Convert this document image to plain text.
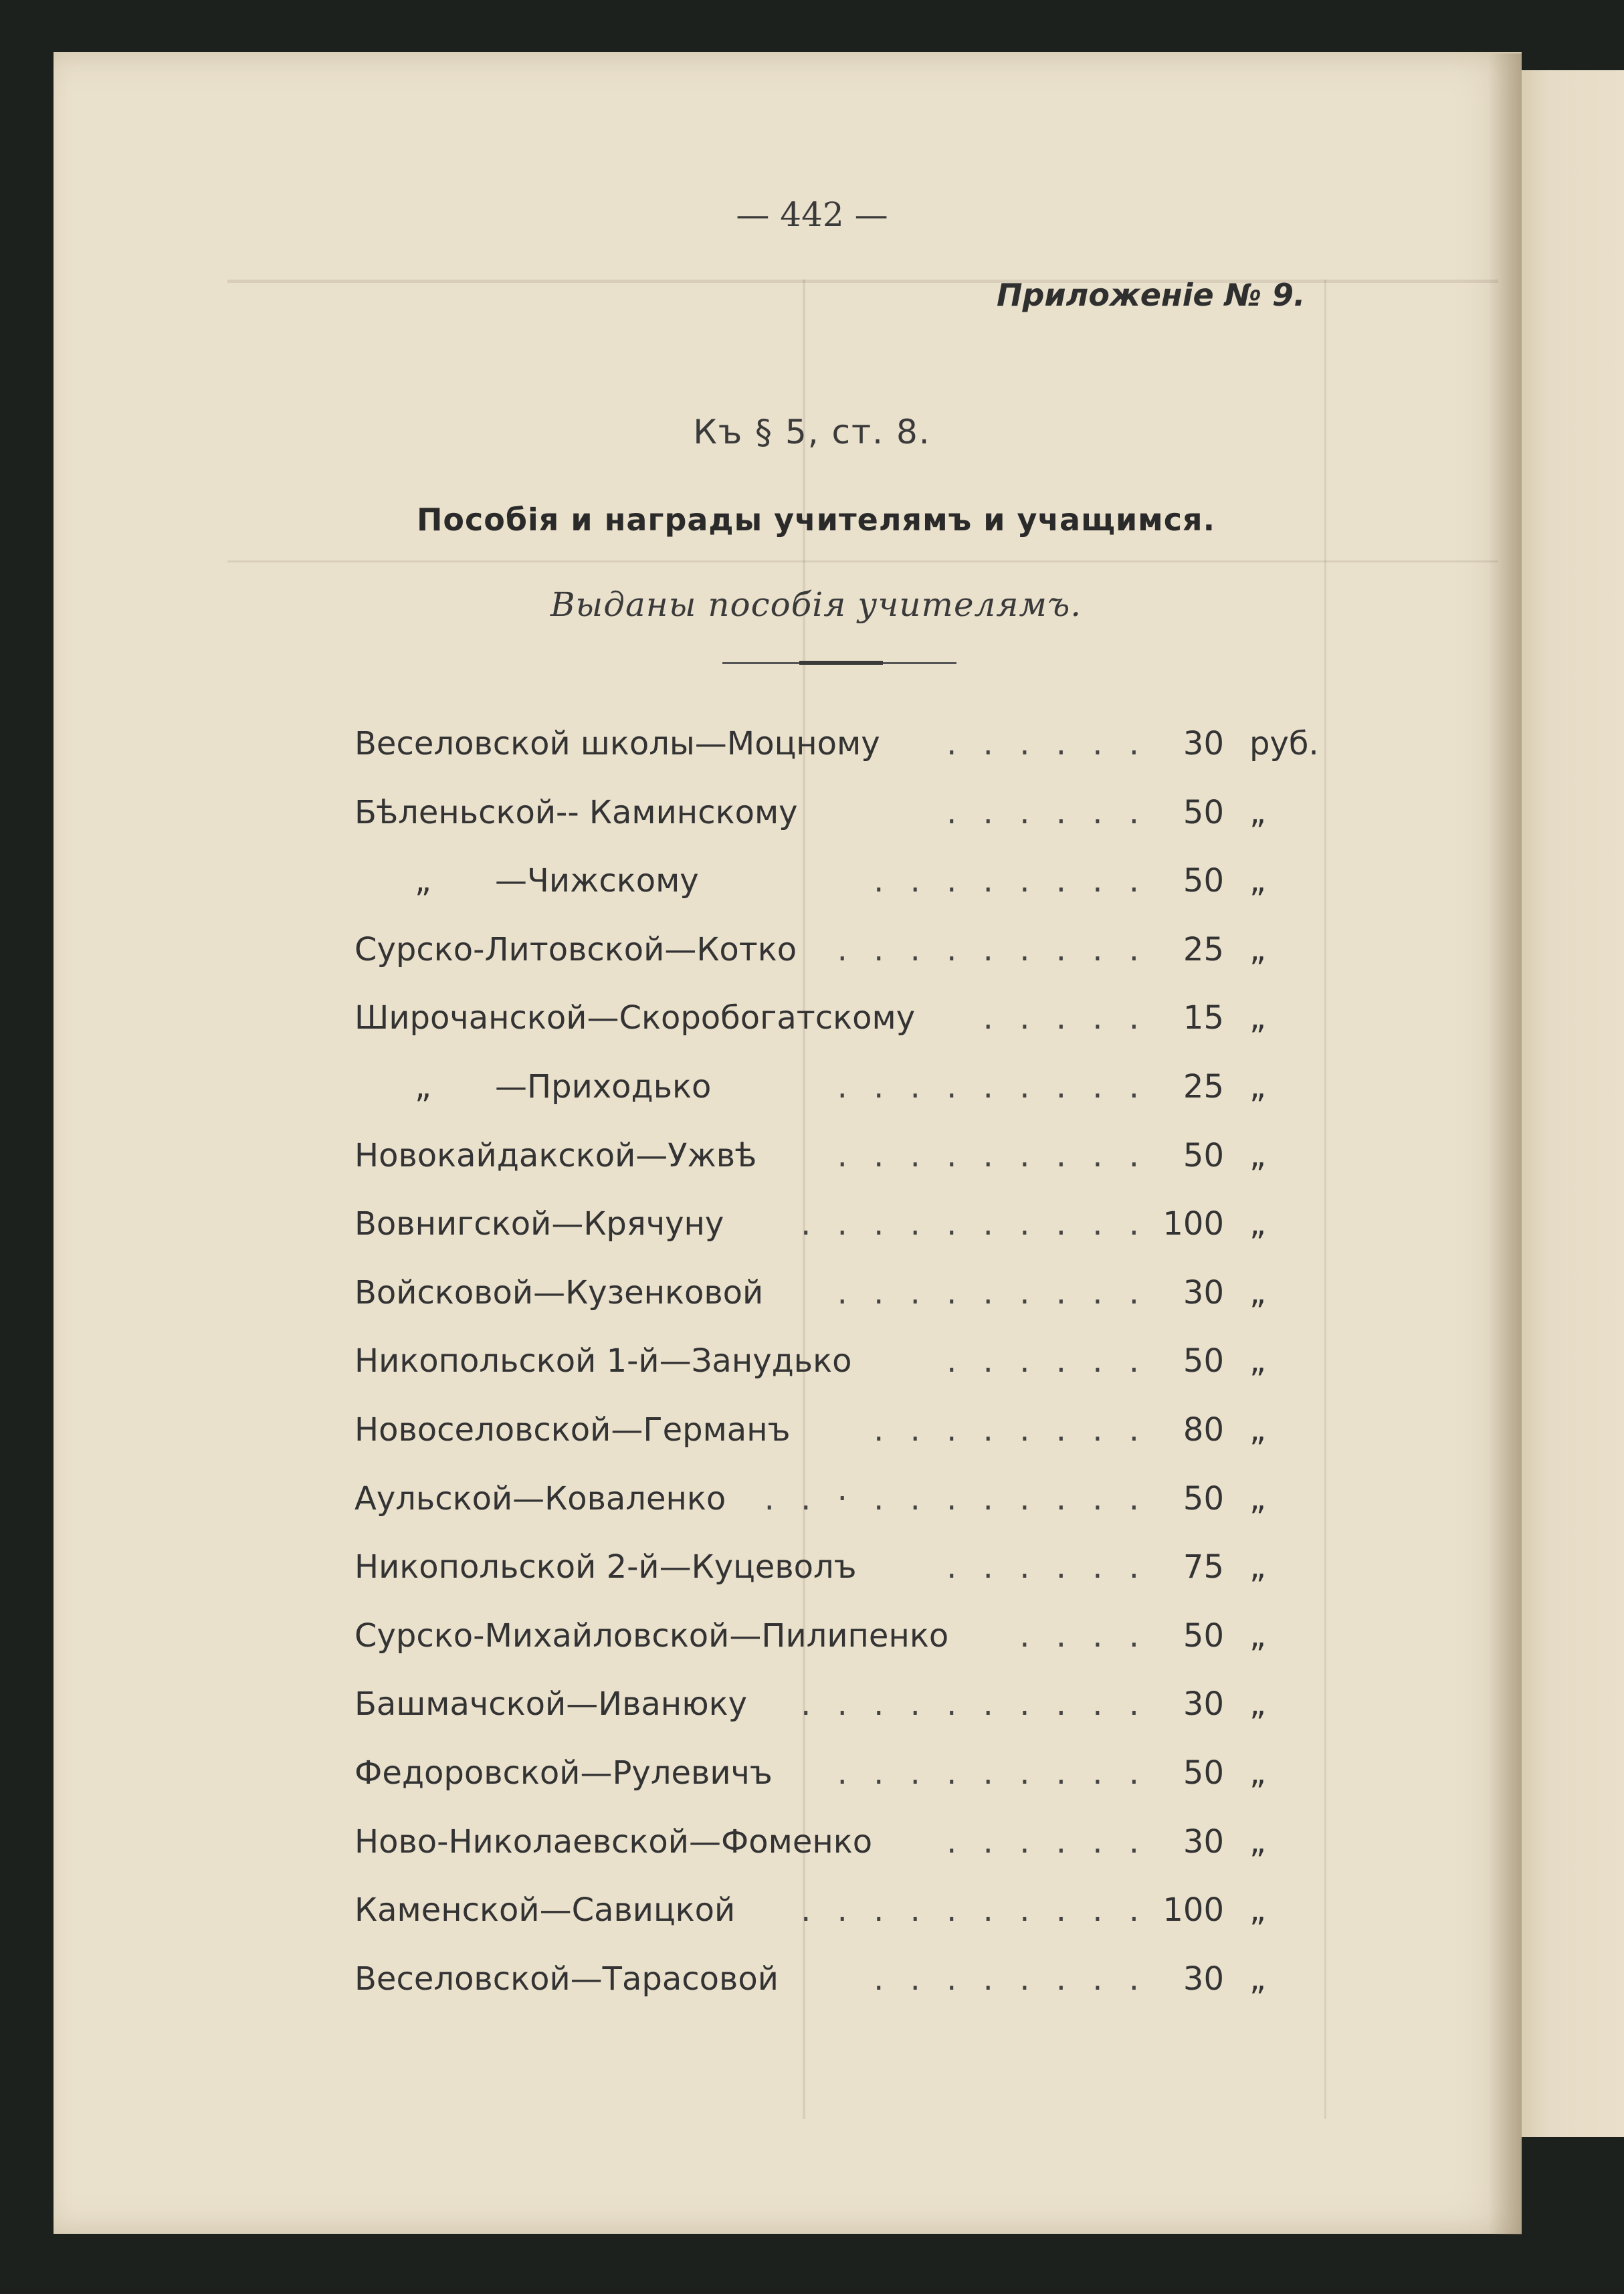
— 442 —
Приложеніе № 9.
Къ § 5, ст. 8.
Пособія и награды учителямъ и учащимся.
Выданы пособія учителямъ.
Веселовской школы—Моцному . . . . . .	30 руб.
Бѣленьской-- Каминскому	. . . . . .	50 „
„ —Чижскому	. . . . . . . .	50 „
Сурско-Литовской—Котко . . . . . . . . .	25 „
Широчанской—Скоробогатскому . . . . .	15 „
„ —Приходько	. . . . . . . . .	25 „
Новокайдакской—Ужвѣ	. . . . . . . . .	50 „
Вовнигской—Крячуну . . . . . . . . . . 100 „
Войсковой—Кузенковой . . . . . . . . .	30 „
Никопольской 1-й—Занудько	. . . . . .	50 „
Новоселовской—Германъ	. . . . . . . .	80 „
Аульской—Коваленко . . · . . . . . . . .	50 „
Никопольской 2-й—Куцеволъ	. . . . . .	75 „
Сурско-Михайловской—Пилипенко . . . .	50 „
Башмачской—Иванюку . . . . . . . . . .	30 „
Федоровской—Рулевичъ . . . . . . . . .	50 „
Ново-Николаевской—Фоменко . . . . . .	30 „
Каменской—Савицкой . . . . . . . . . . 100 „
Веселовской—Тарасовой	. . . . . . . .	30 „
